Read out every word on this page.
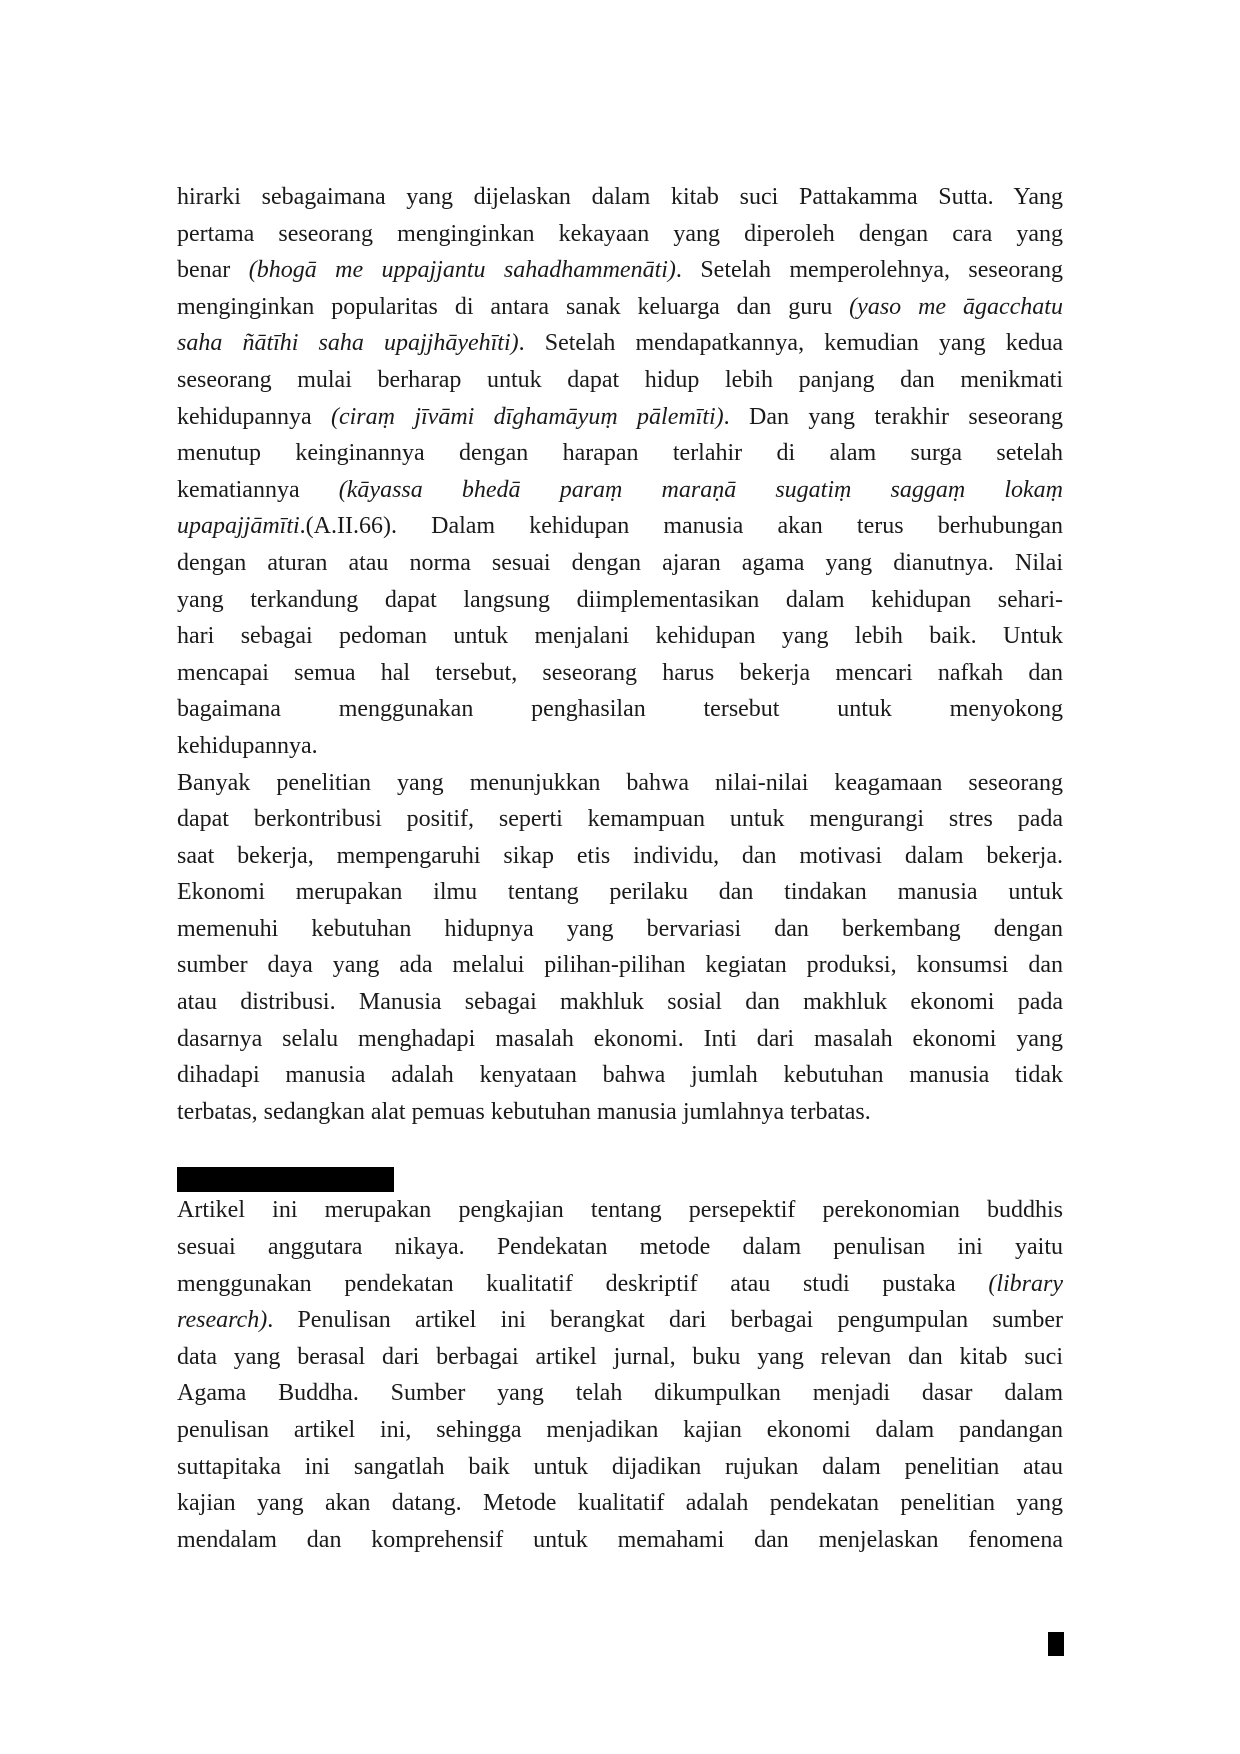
hirarki sebagaimana yang dijelaskan dalam kitab suci Pattakamma Sutta. Yang
pertama seseorang menginginkan kekayaan yang diperoleh dengan cara yang
benar (bhogā me uppajjantu sahadhammenāti). Setelah memperolehnya, seseorang
menginginkan popularitas di antara sanak keluarga dan guru (yaso me āgacchatu
saha ñātīhi saha upajjhāyehīti). Setelah mendapatkannya, kemudian yang kedua
seseorang mulai berharap untuk dapat hidup lebih panjang dan menikmati
kehidupannya (ciraṃ jīvāmi dīghamāyuṃ pālemīti). Dan yang terakhir seseorang
menutup keinginannya dengan harapan terlahir di alam surga setelah
kematiannya (kāyassa bhedā paraṃ maraṇā sugatiṃ saggaṃ lokaṃ
upapajjāmīti.(A.II.66). Dalam kehidupan manusia akan terus berhubungan
dengan aturan atau norma sesuai dengan ajaran agama yang dianutnya. Nilai
yang terkandung dapat langsung diimplementasikan dalam kehidupan sehari-
hari sebagai pedoman untuk menjalani kehidupan yang lebih baik. Untuk
mencapai semua hal tersebut, seseorang harus bekerja mencari nafkah dan
bagaimana menggunakan penghasilan tersebut untuk menyokong
kehidupannya.
Banyak penelitian yang menunjukkan bahwa nilai-nilai keagamaan seseorang
dapat berkontribusi positif, seperti kemampuan untuk mengurangi stres pada
saat bekerja, mempengaruhi sikap etis individu, dan motivasi dalam bekerja.
Ekonomi merupakan ilmu tentang perilaku dan tindakan manusia untuk
memenuhi kebutuhan hidupnya yang bervariasi dan berkembang dengan
sumber daya yang ada melalui pilihan-pilihan kegiatan produksi, konsumsi dan
atau distribusi. Manusia sebagai makhluk sosial dan makhluk ekonomi pada
dasarnya selalu menghadapi masalah ekonomi. Inti dari masalah ekonomi yang
dihadapi manusia adalah kenyataan bahwa jumlah kebutuhan manusia tidak
terbatas, sedangkan alat pemuas kebutuhan manusia jumlahnya terbatas.
Artikel ini merupakan pengkajian tentang persepektif perekonomian buddhis
sesuai anggutara nikaya. Pendekatan metode dalam penulisan ini yaitu
menggunakan pendekatan kualitatif deskriptif atau studi pustaka (library
research). Penulisan artikel ini berangkat dari berbagai pengumpulan sumber
data yang berasal dari berbagai artikel jurnal, buku yang relevan dan kitab suci
Agama Buddha. Sumber yang telah dikumpulkan menjadi dasar dalam
penulisan artikel ini, sehingga menjadikan kajian ekonomi dalam pandangan
suttapitaka ini sangatlah baik untuk dijadikan rujukan dalam penelitian atau
kajian yang akan datang. Metode kualitatif adalah pendekatan penelitian yang
mendalam dan komprehensif untuk memahami dan menjelaskan fenomena
